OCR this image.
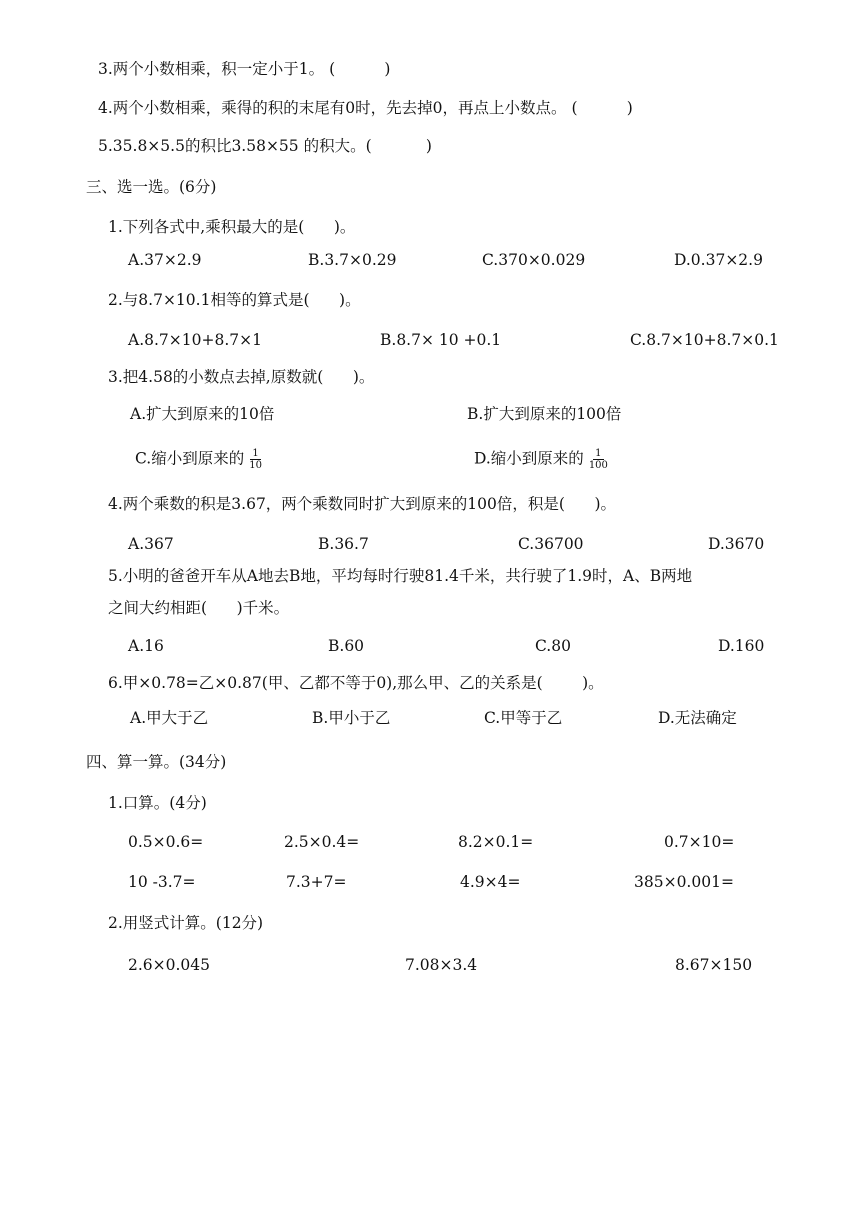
3.两个小数相乘，积一定小于1。 (          )
4.两个小数相乘，乘得的积的末尾有0时，先去掉0，再点上小数点。 (          )
5.35.8×5.5的积比3.58×55 的积大。(           )
三、选一选。(6分)
1.下列各式中,乘积最大的是(      )。
A.37×2.9	B.3.7×0.29	C.370×0.029	D.0.37×2.9
2.与8.7×10.1相等的算式是(      )。
A.8.7×10+8.7×1	B.8.7× 10 +0.1	C.8.7×10+8.7×0.1
3.把4.58的小数点去掉,原数就(      )。
A.扩大到原来的10倍	B.扩大到原来的100倍
C.缩小到原来的 $\frac{1}{10}$	D.缩小到原来的 $\frac{1}{100}$
4.两个乘数的积是3.67，两个乘数同时扩大到原来的100倍，积是(      )。
A.367	B.36.7	C.36700	D.3670
5.小明的爸爸开车从A地去B地，平均每时行驶81.4千米，共行驶了1.9时，A、B两地
之间大约相距(      )千米。
A.16	B.60	C.80	D.160
6.甲×0.78=乙×0.87(甲、乙都不等于0),那么甲、乙的关系是(        )。
A.甲大于乙	B.甲小于乙	C.甲等于乙	D.无法确定
四、算一算。(34分)
1.口算。(4分)
0.5×0.6=	2.5×0.4=	8.2×0.1=	0.7×10=
10 -3.7=	7.3+7=	4.9×4=	385×0.001=
2.用竖式计算。(12分)
2.6×0.045	7.08×3.4	8.67×150
